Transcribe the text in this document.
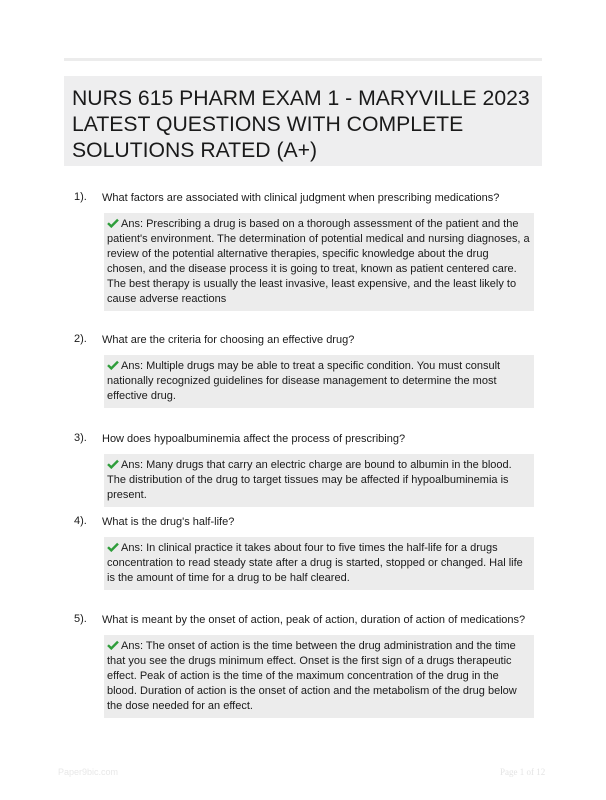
NURS 615 PHARM EXAM 1 - MARYVILLE 2023
LATEST QUESTIONS WITH COMPLETE
SOLUTIONS RATED (A+)
1). What factors are associated with clinical judgment when prescribing medications?
Ans: Prescribing a drug is based on a thorough assessment of the patient and the patient's environment. The determination of potential medical and nursing diagnoses, a review of the potential alternative therapies, specific knowledge about the drug chosen, and the disease process it is going to treat, known as patient centered care. The best therapy is usually the least invasive, least expensive, and the least likely to cause adverse reactions
2). What are the criteria for choosing an effective drug?
Ans: Multiple drugs may be able to treat a specific condition. You must consult nationally recognized guidelines for disease management to determine the most effective drug.
3). How does hypoalbuminemia affect the process of prescribing?
Ans: Many drugs that carry an electric charge are bound to albumin in the blood. The distribution of the drug to target tissues may be affected if hypoalbuminemia is present.
4). What is the drug's half-life?
Ans: In clinical practice it takes about four to five times the half-life for a drugs concentration to read steady state after a drug is started, stopped or changed. Hal life is the amount of time for a drug to be half cleared.
5). What is meant by the onset of action, peak of action, duration of action of medications?
Ans: The onset of action is the time between the drug administration and the time that you see the drugs minimum effect. Onset is the first sign of a drugs therapeutic effect. Peak of action is the time of the maximum concentration of the drug in the blood. Duration of action is the onset of action and the metabolism of the drug below the dose needed for an effect.
Paper9bic.com	Page 1 of 12
